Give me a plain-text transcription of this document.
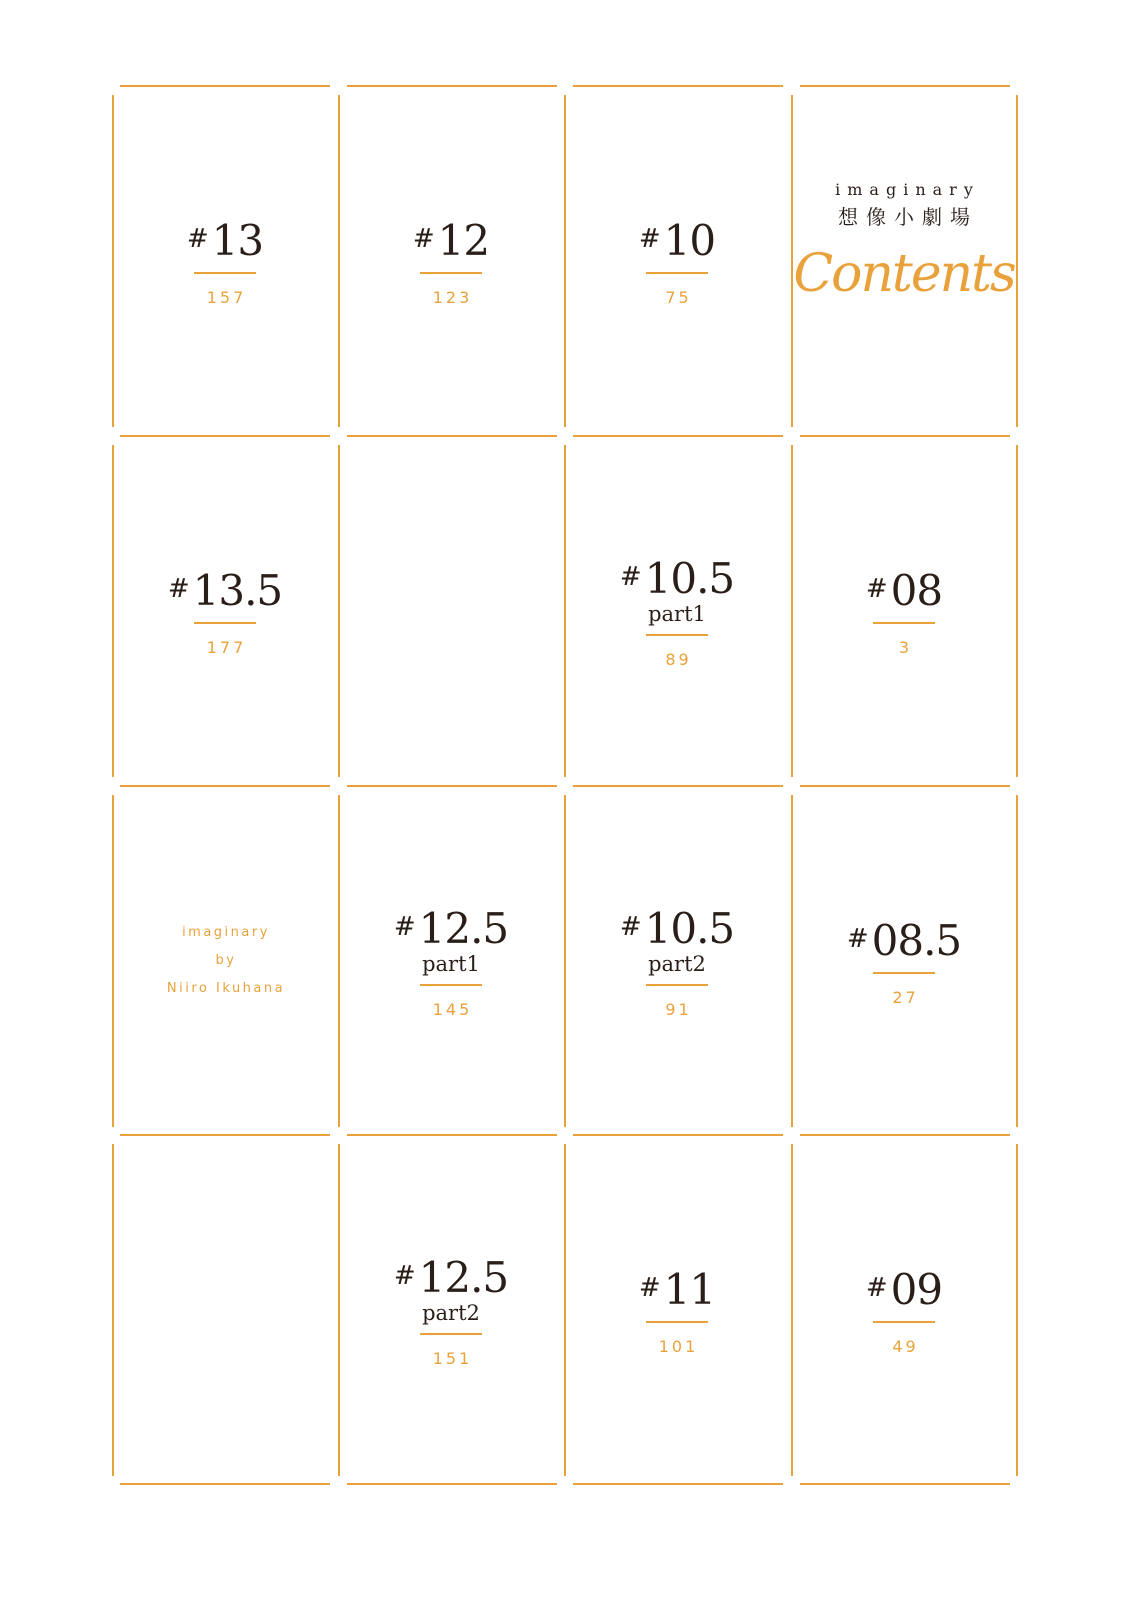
#13
157
#12
123
#10
75
imaginary
想像小劇場
Contents
#13.5
177
#10.5
part1
89
#08
3
imaginary
by
Niiro Ikuhana
#12.5
part1
145
#10.5
part2
91
#08.5
27
#12.5
part2
151
#11
101
#09
49
